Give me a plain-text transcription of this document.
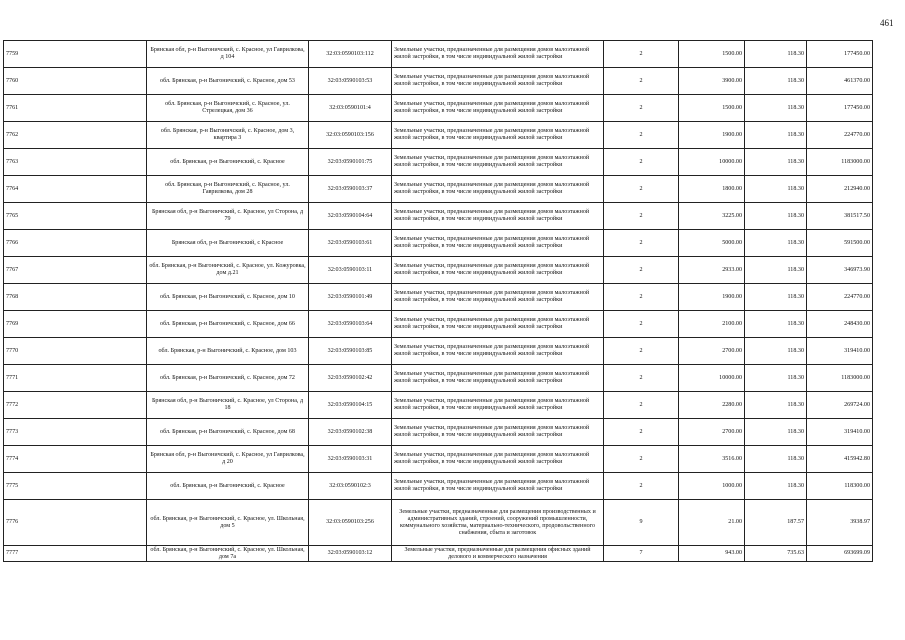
461
7759	Брянская обл, р-н Выгоничский, с. Красное, ул Гаврилкова, д 104	32:03:0590103:112	Земельные участки, предназначенные для размещения домов малоэтажной жилой застройки, в том числе индивидуальной жилой застройки	2	1500.00	118.30	177450.00
7760	обл. Брянская, р-н Выгоничский, с. Красное, дом 53	32:03:0590103:53	Земельные участки, предназначенные для размещения домов малоэтажной жилой застройки, в том числе индивидуальной жилой застройки	2	3900.00	118.30	461370.00
7761	обл. Брянская, р-н Выгоничский, с. Красное, ул. Стрелецкая, дом 36	32:03:0590101:4	Земельные участки, предназначенные для размещения домов малоэтажной жилой застройки, в том числе индивидуальной жилой застройки	2	1500.00	118.30	177450.00
7762	обл. Брянская, р-н Выгоничский, с. Красное, дом 3, квартира 3	32:03:0590103:156	Земельные участки, предназначенные для размещения домов малоэтажной жилой застройки, в том числе индивидуальной жилой застройки	2	1900.00	118.30	224770.00
7763	обл. Брянская, р-н Выгоничский, с. Красное	32:03:0590101:75	Земельные участки, предназначенные для размещения домов малоэтажной жилой застройки, в том числе индивидуальной жилой застройки	2	10000.00	118.30	1183000.00
7764	обл. Брянская, р-н Выгоничский, с. Красное, ул. Гаврилкова, дом 28	32:03:0590103:37	Земельные участки, предназначенные для размещения домов малоэтажной жилой застройки, в том числе индивидуальной жилой застройки	2	1800.00	118.30	212940.00
7765	Брянская обл, р-н Выгоничский, с. Красное, ул Сторона, д 79	32:03:0590104:64	Земельные участки, предназначенные для размещения домов малоэтажной жилой застройки, в том числе индивидуальной жилой застройки	2	3225.00	118.30	381517.50
7766	Брянская обл, р-н Выгоничский, с Красное	32:03:0590103:61	Земельные участки, предназначенные для размещения домов малоэтажной жилой застройки, в том числе индивидуальной жилой застройки	2	5000.00	118.30	591500.00
7767	обл. Брянская, р-н Выгоничский, с. Красное, ул. Кожуровка, дом д.21	32:03:0590103:11	Земельные участки, предназначенные для размещения домов малоэтажной жилой застройки, в том числе индивидуальной жилой застройки	2	2933.00	118.30	346973.90
7768	обл. Брянская, р-н Выгоничский, с. Красное, дом 10	32:03:0590101:49	Земельные участки, предназначенные для размещения домов малоэтажной жилой застройки, в том числе индивидуальной жилой застройки	2	1900.00	118.30	224770.00
7769	обл. Брянская, р-н Выгоничский, с. Красное, дом 66	32:03:0590103:64	Земельные участки, предназначенные для размещения домов малоэтажной жилой застройки, в том числе индивидуальной жилой застройки	2	2100.00	118.30	248430.00
7770	обл. Брянская, р-н Выгоничский, с. Красное, дом 103	32:03:0590103:85	Земельные участки, предназначенные для размещения домов малоэтажной жилой застройки, в том числе индивидуальной жилой застройки	2	2700.00	118.30	319410.00
7771	обл. Брянская, р-н Выгоничский, с. Красное, дом 72	32:03:0590102:42	Земельные участки, предназначенные для размещения домов малоэтажной жилой застройки, в том числе индивидуальной жилой застройки	2	10000.00	118.30	1183000.00
7772	Брянская обл, р-н Выгоничский, с. Красное, ул Сторона, д 18	32:03:0590104:15	Земельные участки, предназначенные для размещения домов малоэтажной жилой застройки, в том числе индивидуальной жилой застройки	2	2280.00	118.30	269724.00
7773	обл. Брянская, р-н Выгоничский, с. Красное, дом 68	32:03:0590102:38	Земельные участки, предназначенные для размещения домов малоэтажной жилой застройки, в том числе индивидуальной жилой застройки	2	2700.00	118.30	319410.00
7774	Брянская обл, р-н Выгоничский, с. Красное, ул Гаврилкова, д 20	32:03:0590103:31	Земельные участки, предназначенные для размещения домов малоэтажной жилой застройки, в том числе индивидуальной жилой застройки	2	3516.00	118.30	415942.80
7775	обл. Брянская, р-н Выгоничский, с. Красное	32:03:0590102:3	Земельные участки, предназначенные для размещения домов малоэтажной жилой застройки, в том числе индивидуальной жилой застройки	2	1000.00	118.30	118300.00
7776	обл. Брянская, р-н Выгоничский, с. Красное, ул. Школьная, дом 5	32:03:0590103:256	Земельные участки, предназначенные для размещения производственных и административных зданий, строений, сооружений промышленности, коммунального хозяйства, материально-технического, продовольственного снабжения, сбыта и заготовок	9	21.00	187.57	3938.97
7777	обл. Брянская, р-н Выгоничский, с. Красное, ул. Школьная, дом 7а	32:03:0590103:12	Земельные участки, предназначенные для размещения офисных зданий делового и коммерческого назначения	7	943.00	735.63	693699.09
